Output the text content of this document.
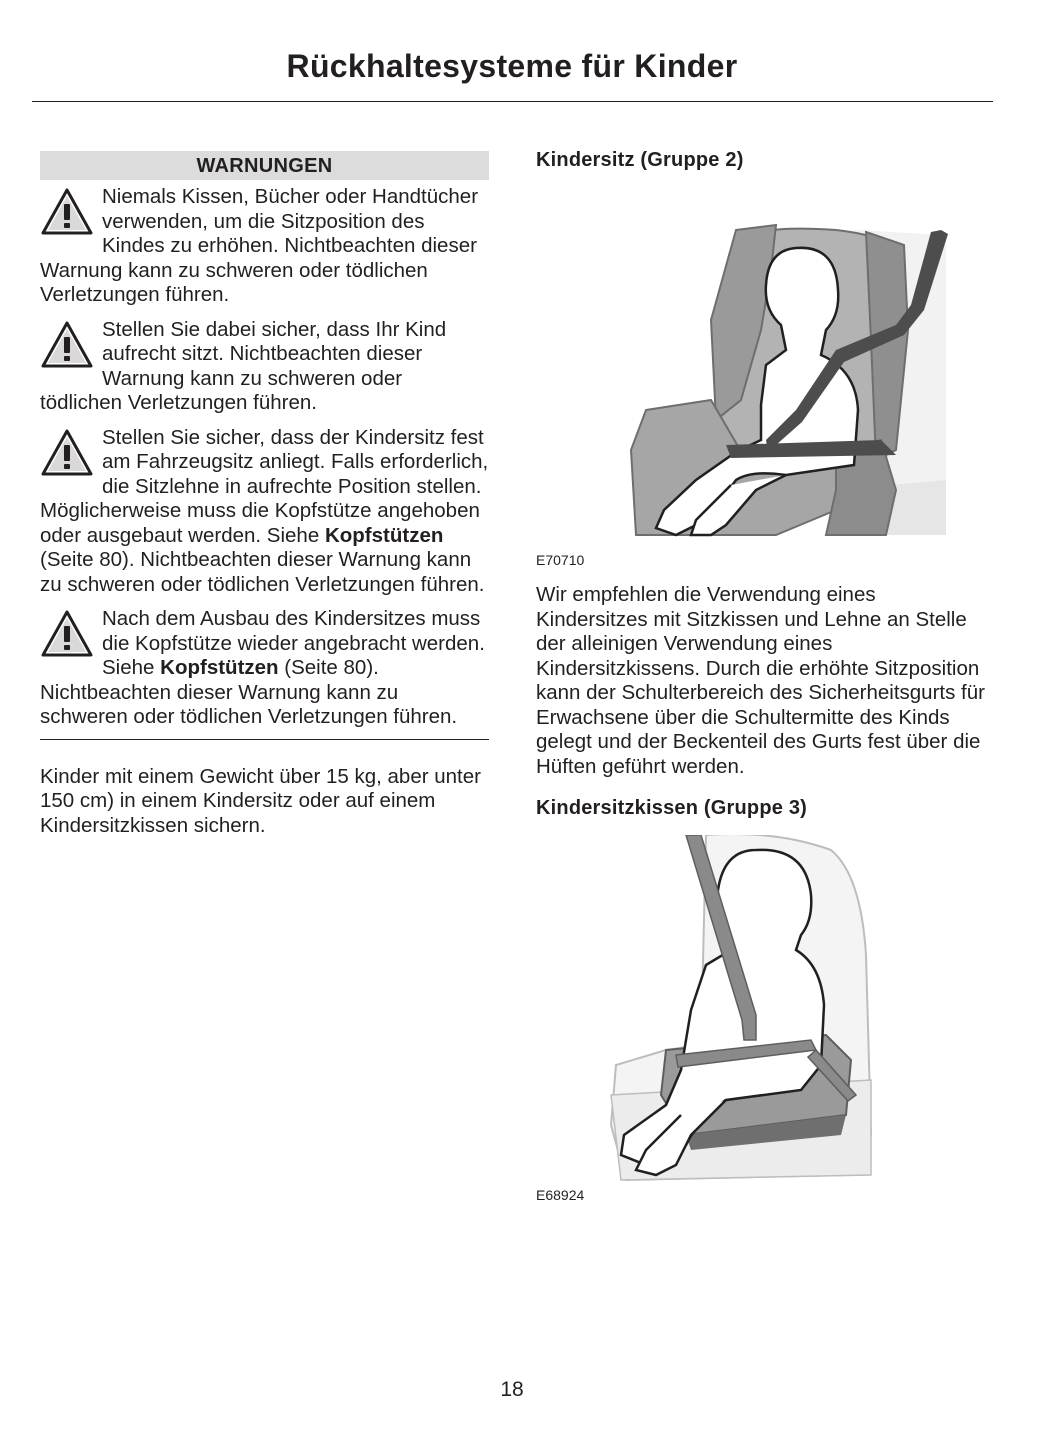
Rückhaltesysteme für Kinder
WARNUNGEN
Niemals Kissen, Bücher oder Handtücher verwenden, um die Sitzposition des Kindes zu erhöhen. Nichtbeachten dieser Warnung kann zu schweren oder tödlichen Verletzungen führen.
Stellen Sie dabei sicher, dass Ihr Kind aufrecht sitzt. Nichtbeachten dieser Warnung kann zu schweren oder tödlichen Verletzungen führen.
Stellen Sie sicher, dass der Kindersitz fest am Fahrzeugsitz anliegt. Falls erforderlich, die Sitzlehne in aufrechte Position stellen. Möglicherweise muss die Kopfstütze angehoben oder ausgebaut werden. Siehe Kopfstützen (Seite 80). Nichtbeachten dieser Warnung kann zu schweren oder tödlichen Verletzungen führen.
Nach dem Ausbau des Kindersitzes muss die Kopfstütze wieder angebracht werden. Siehe Kopfstützen (Seite 80). Nichtbeachten dieser Warnung kann zu schweren oder tödlichen Verletzungen führen.
Kinder mit einem Gewicht über 15 kg, aber unter 150 cm) in einem Kindersitz oder auf einem Kindersitzkissen sichern.
Kindersitz (Gruppe 2)
E70710
Wir empfehlen die Verwendung eines Kindersitzes mit Sitzkissen und Lehne an Stelle der alleinigen Verwendung eines Kindersitzkissens. Durch die erhöhte Sitzposition kann der Schulterbereich des Sicherheitsgurts für Erwachsene über die Schultermitte des Kinds gelegt und der Beckenteil des Gurts fest über die Hüften geführt werden.
Kindersitzkissen (Gruppe 3)
E68924
18
